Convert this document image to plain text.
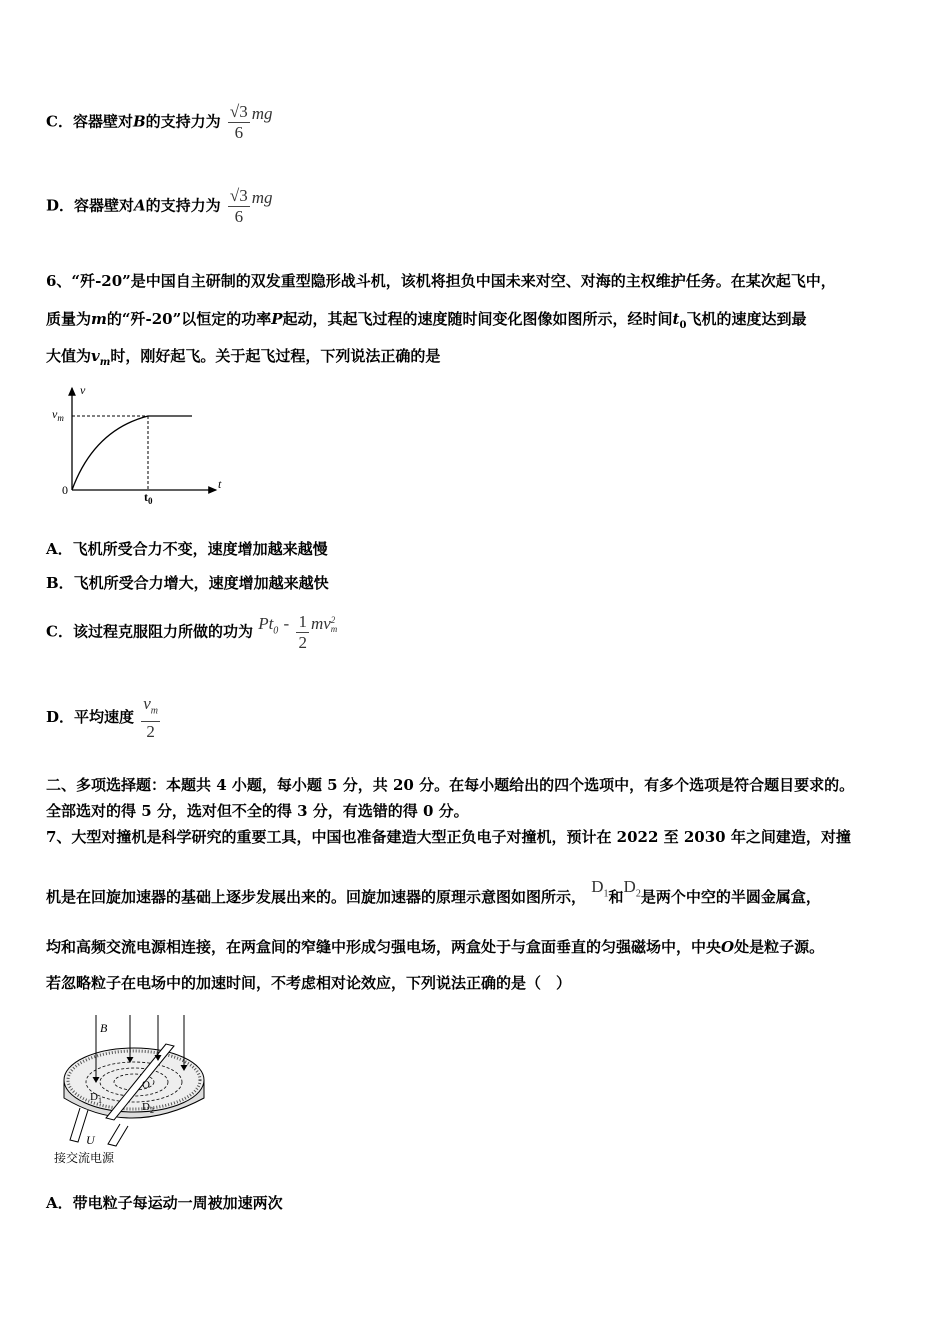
C．容器壁对B的支持力为 $\frac{√3}{6}$ mg
D．容器壁对A的支持力为 $\frac{√3}{6}$ mg
6、“歼-20”是中国自主研制的双发重型隐形战斗机，该机将担负中国未来对空、对海的主权维护任务。在某次起飞中，
质量为m的“歼-20”以恒定的功率P起动，其起飞过程的速度随时间变化图像如图所示，经时间$t_0$飞机的速度达到最
大值为$v_m$时，刚好起飞。关于起飞过程，下列说法正确的是
v
t
0
$v_m$
$t_0$
A．飞机所受合力不变，速度增加越来越慢
B．飞机所受合力增大，速度增加越来越快
C．该过程克服阻力所做的功为 $Pt_0 - \frac{1}{2}$ mv 2
m
D．平均速度 $\frac{v_m}{2}$
二、多项选择题：本题共 4 小题，每小题 5 分，共 20 分。在每小题给出的四个选项中，有多个选项是符合题目要求的。
全部选对的得 5 分，选对但不全的得 3 分，有选错的得 0 分。
7、大型对撞机是科学研究的重要工具，中国也准备建造大型正负电子对撞机，预计在 2022 至 2030 年之间建造，对撞
机是在回旋加速器的基础上逐步发展出来的。回旋加速器的原理示意图如图所示， $D_1$和$D_2$是两个中空的半圆金属盒，
均和高频交流电源相连接，在两盒间的窄缝中形成匀强电场，两盒处于与盒面垂直的匀强磁场中，中央O处是粒子源。
若忽略粒子在电场中的加速时间，不考虑相对论效应，下列说法正确的是（　）
B
O
$D_1$
$D_2$
U
接交流电源
A．带电粒子每运动一周被加速两次
